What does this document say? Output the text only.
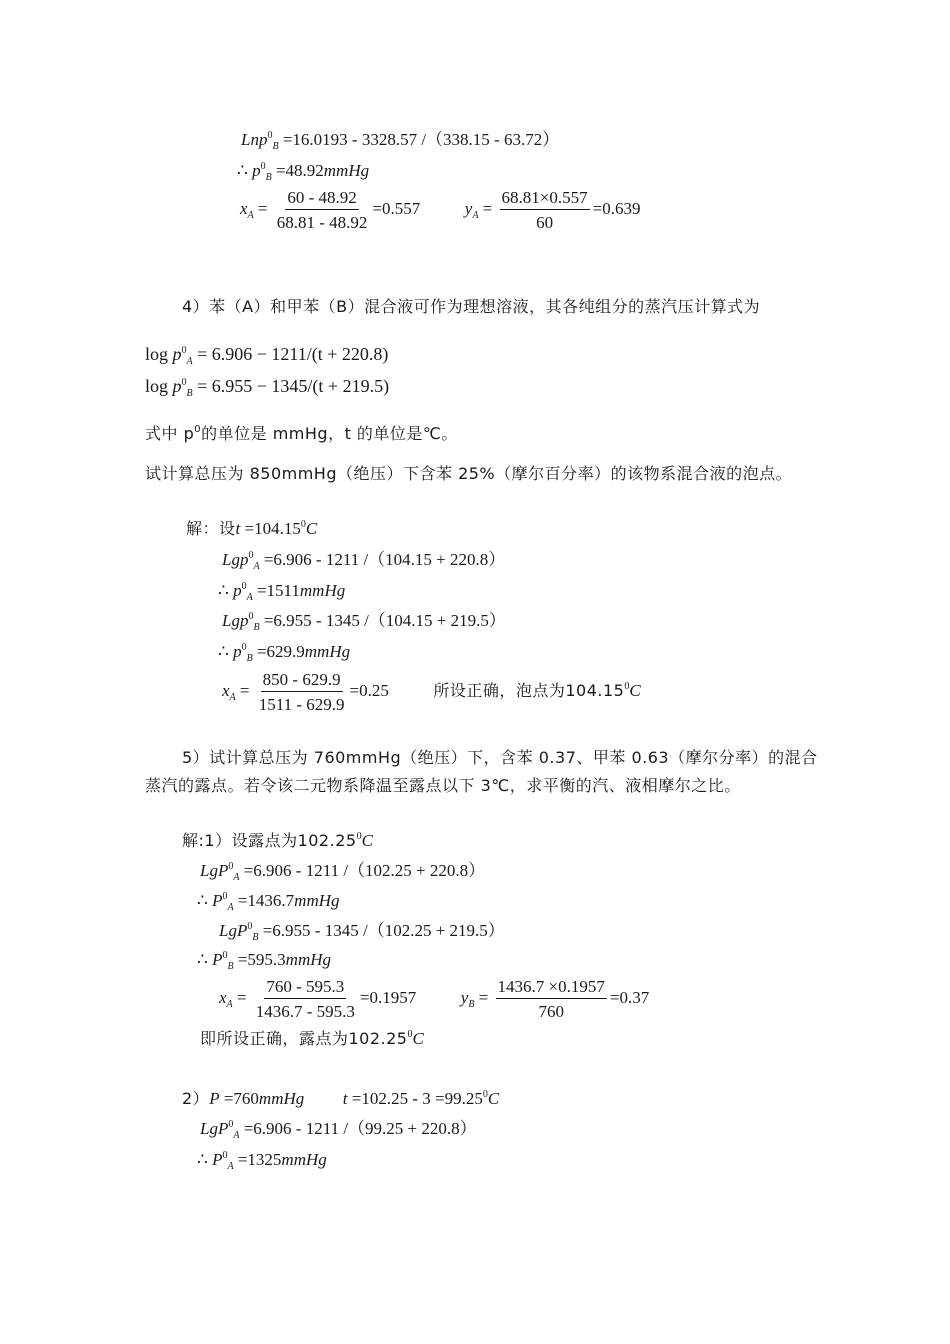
Lnp$^0_B$ =16.0193 - 3328.57 /（338.15 - 63.72）
∴ $p^0_B$ =48.92mmHg
$x_A = \frac{60 - 48.92}{68.81 - 48.92} =0.557$	$y_A = \frac{68.81\times 0.557}{60} =0.639$
4）苯（A）和甲苯（B）混合液可作为理想溶液，其各纯组分的蒸汽压计算式为
$\log p^0_A = 6.906 - 1211/(t + 220.8)$
$\log p^0_B = 6.955 - 1345/(t + 219.5)$
式中 $p^0$的单位是 mmHg，t 的单位是℃。
试计算总压为 850mmHg（绝压）下含苯 25%（摩尔百分率）的该物系混合液的泡点。
解：设$t =104.15^0C$
Lgp$^0_A$ =6.906 - 1211 /（104.15 + 220.8）
∴ $p^0_A$ =1511mmHg
Lgp$^0_B$ =6.955 - 1345 /（104.15 + 219.5）
∴ $p^0_B$ =629.9mmHg
$x_A = \frac{850 - 629.9}{1511 - 629.9} =0.25$	所设正确，泡点为104.15$^0$C
5）试计算总压为 760mmHg（绝压）下，含苯 0.37、甲苯 0.63（摩尔分率）的混合
蒸汽的露点。若令该二元物系降温至露点以下 3℃，求平衡的汽、液相摩尔之比。
解:1）设露点为102.25$^0$C
LgP$^0_A$ =6.906 - 1211 /（102.25 + 220.8）
∴ $P^0_A$ =1436.7mmHg
LgP$^0_B$ =6.955 - 1345 /（102.25 + 219.5）
∴ $P^0_B$ =595.3mmHg
$x_A = \frac{760 - 595.3}{1436.7 - 595.3} =0.1957$	$y_B = \frac{1436.7 \times 0.1957}{760} =0.37$
即所设正确，露点为102.25$^0$C
2）P =760mmHg $t =102.25 - 3 =99.25^0C$
LgP$^0_A$ =6.906 - 1211 /（99.25 + 220.8）
∴ $P^0_A$ =1325mmHg
